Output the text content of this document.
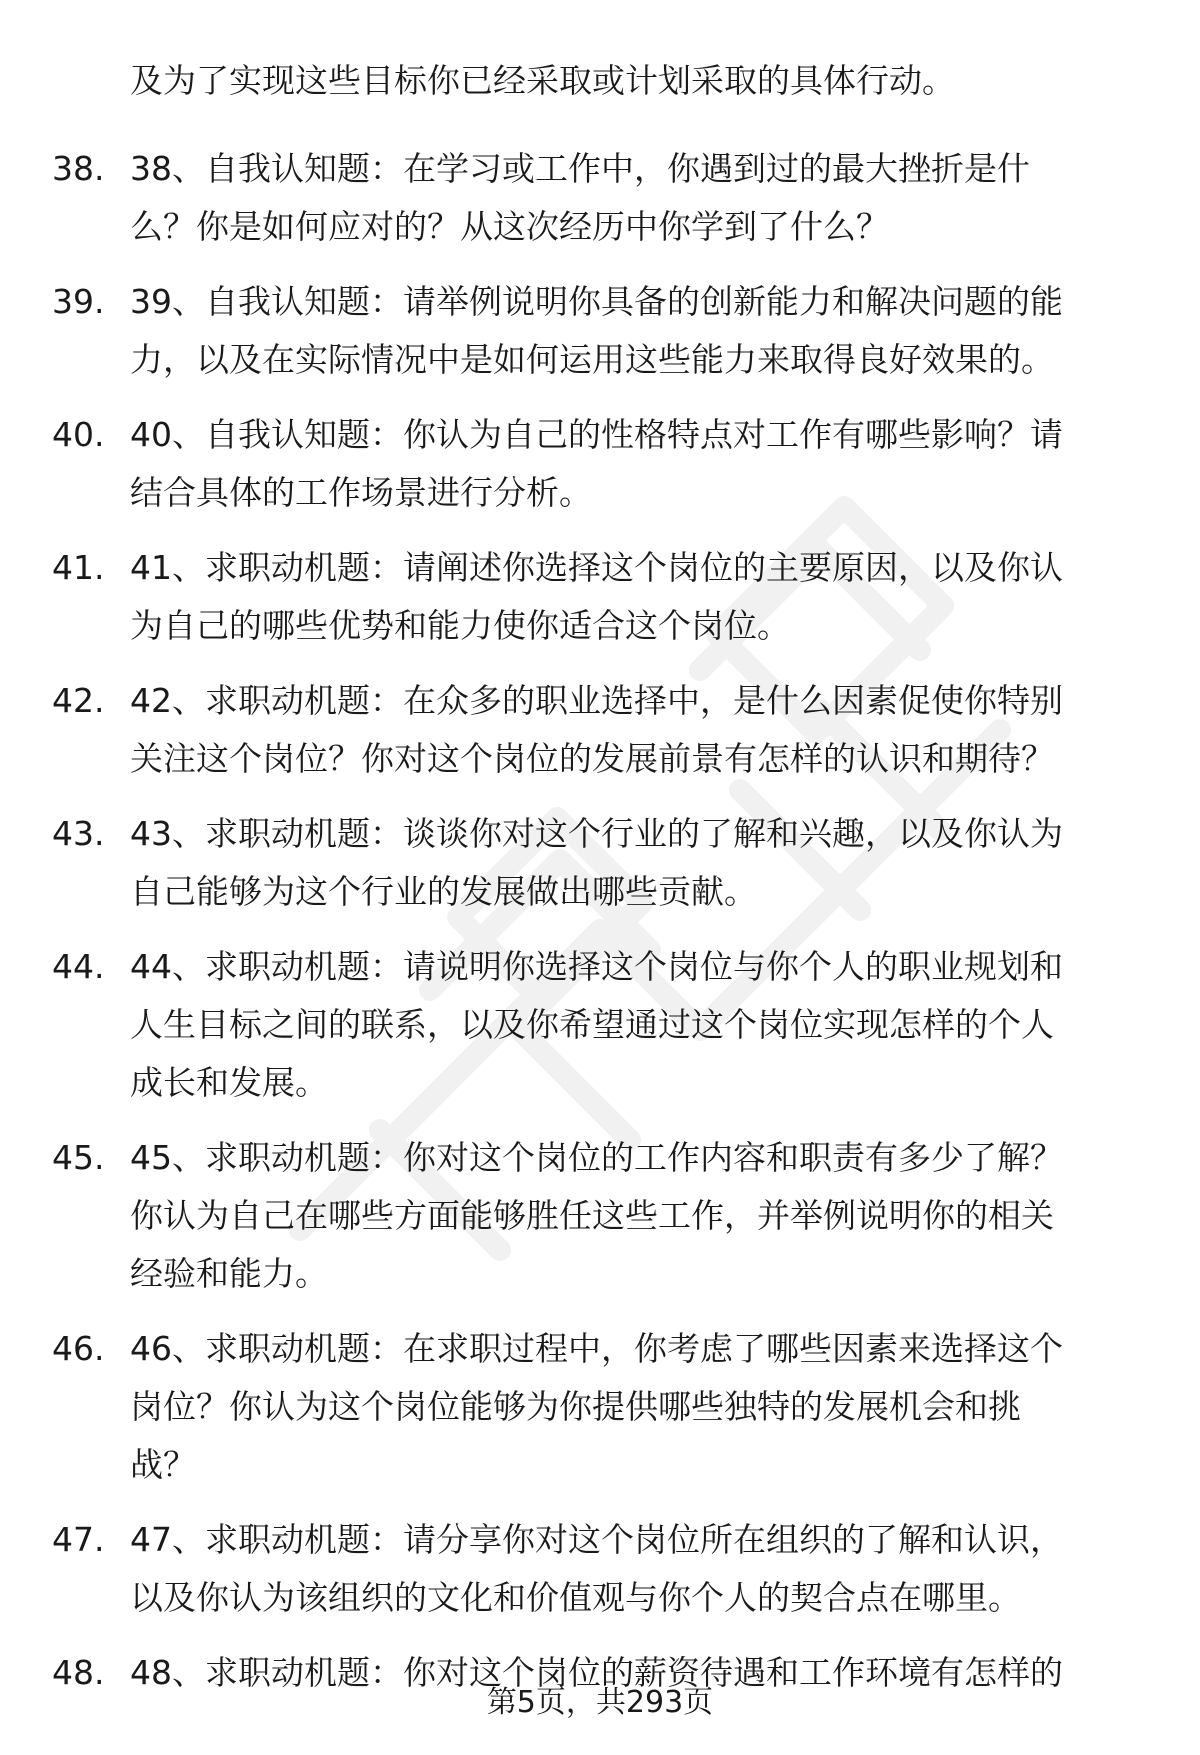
及为了实现这些目标你已经采取或计划采取的具体行动。
38. 38、自我认知题：在学习或工作中，你遇到过的最大挫折是什
么？你是如何应对的？从这次经历中你学到了什么？
39. 39、自我认知题：请举例说明你具备的创新能力和解决问题的能
力，以及在实际情况中是如何运用这些能力来取得良好效果的。
40. 40、自我认知题：你认为自己的性格特点对工作有哪些影响？请
结合具体的工作场景进行分析。
41. 41、求职动机题：请阐述你选择这个岗位的主要原因，以及你认
为自己的哪些优势和能力使你适合这个岗位。
42. 42、求职动机题：在众多的职业选择中，是什么因素促使你特别
关注这个岗位？你对这个岗位的发展前景有怎样的认识和期待？
43. 43、求职动机题：谈谈你对这个行业的了解和兴趣，以及你认为
自己能够为这个行业的发展做出哪些贡献。
44. 44、求职动机题：请说明你选择这个岗位与你个人的职业规划和
人生目标之间的联系，以及你希望通过这个岗位实现怎样的个人
成长和发展。
45. 45、求职动机题：你对这个岗位的工作内容和职责有多少了解？
你认为自己在哪些方面能够胜任这些工作，并举例说明你的相关
经验和能力。
46. 46、求职动机题：在求职过程中，你考虑了哪些因素来选择这个
岗位？你认为这个岗位能够为你提供哪些独特的发展机会和挑
战？
47. 47、求职动机题：请分享你对这个岗位所在组织的了解和认识，
以及你认为该组织的文化和价值观与你个人的契合点在哪里。
48. 48、求职动机题：你对这个岗位的薪资待遇和工作环境有怎样的
第5页，共293页
